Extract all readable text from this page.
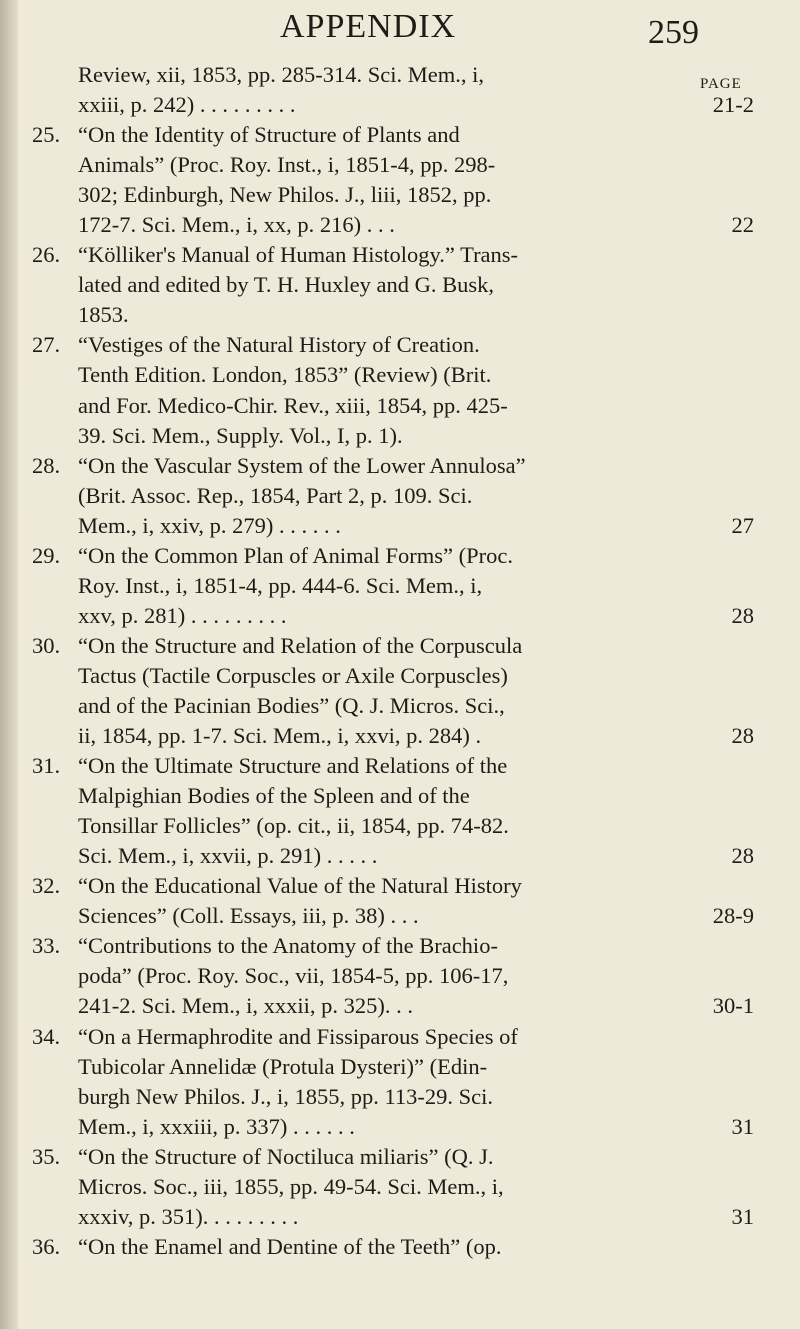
APPENDIX	259
PAGE
Review, xii, 1853, pp. 285-314. Sci. Mem., i,
xxiii, p. 242) . . . . . . . . .	21-2
25. “On the Identity of Structure of Plants and
Animals” (Proc. Roy. Inst., i, 1851-4, pp. 298-
302; Edinburgh, New Philos. J., liii, 1852, pp.
172-7. Sci. Mem., i, xx, p. 216) . . .	22
26. “Kölliker's Manual of Human Histology.” Trans-
lated and edited by T. H. Huxley and G. Busk,
1853.
27. “Vestiges of the Natural History of Creation.
Tenth Edition. London, 1853” (Review) (Brit.
and For. Medico-Chir. Rev., xiii, 1854, pp. 425-
39. Sci. Mem., Supply. Vol., I, p. 1).
28. “On the Vascular System of the Lower Annulosa”
(Brit. Assoc. Rep., 1854, Part 2, p. 109. Sci.
Mem., i, xxiv, p. 279) . . . . . .	27
29. “On the Common Plan of Animal Forms” (Proc.
Roy. Inst., i, 1851-4, pp. 444-6. Sci. Mem., i,
xxv, p. 281) . . . . . . . . .	28
30. “On the Structure and Relation of the Corpuscula
Tactus (Tactile Corpuscles or Axile Corpuscles)
and of the Pacinian Bodies” (Q. J. Micros. Sci.,
ii, 1854, pp. 1-7. Sci. Mem., i, xxvi, p. 284) .	28
31. “On the Ultimate Structure and Relations of the
Malpighian Bodies of the Spleen and of the
Tonsillar Follicles” (op. cit., ii, 1854, pp. 74-82.
Sci. Mem., i, xxvii, p. 291) . . . . .	28
32. “On the Educational Value of the Natural History
Sciences” (Coll. Essays, iii, p. 38) . . .	28-9
33. “Contributions to the Anatomy of the Brachio-
poda” (Proc. Roy. Soc., vii, 1854-5, pp. 106-17,
241-2. Sci. Mem., i, xxxii, p. 325). . .	30-1
34. “On a Hermaphrodite and Fissiparous Species of
Tubicolar Annelidæ (Protula Dysteri)” (Edin-
burgh New Philos. J., i, 1855, pp. 113-29. Sci.
Mem., i, xxxiii, p. 337) . . . . . .	31
35. “On the Structure of Noctiluca miliaris” (Q. J.
Micros. Soc., iii, 1855, pp. 49-54. Sci. Mem., i,
xxxiv, p. 351). . . . . . . . .	31
36. “On the Enamel and Dentine of the Teeth” (op.
